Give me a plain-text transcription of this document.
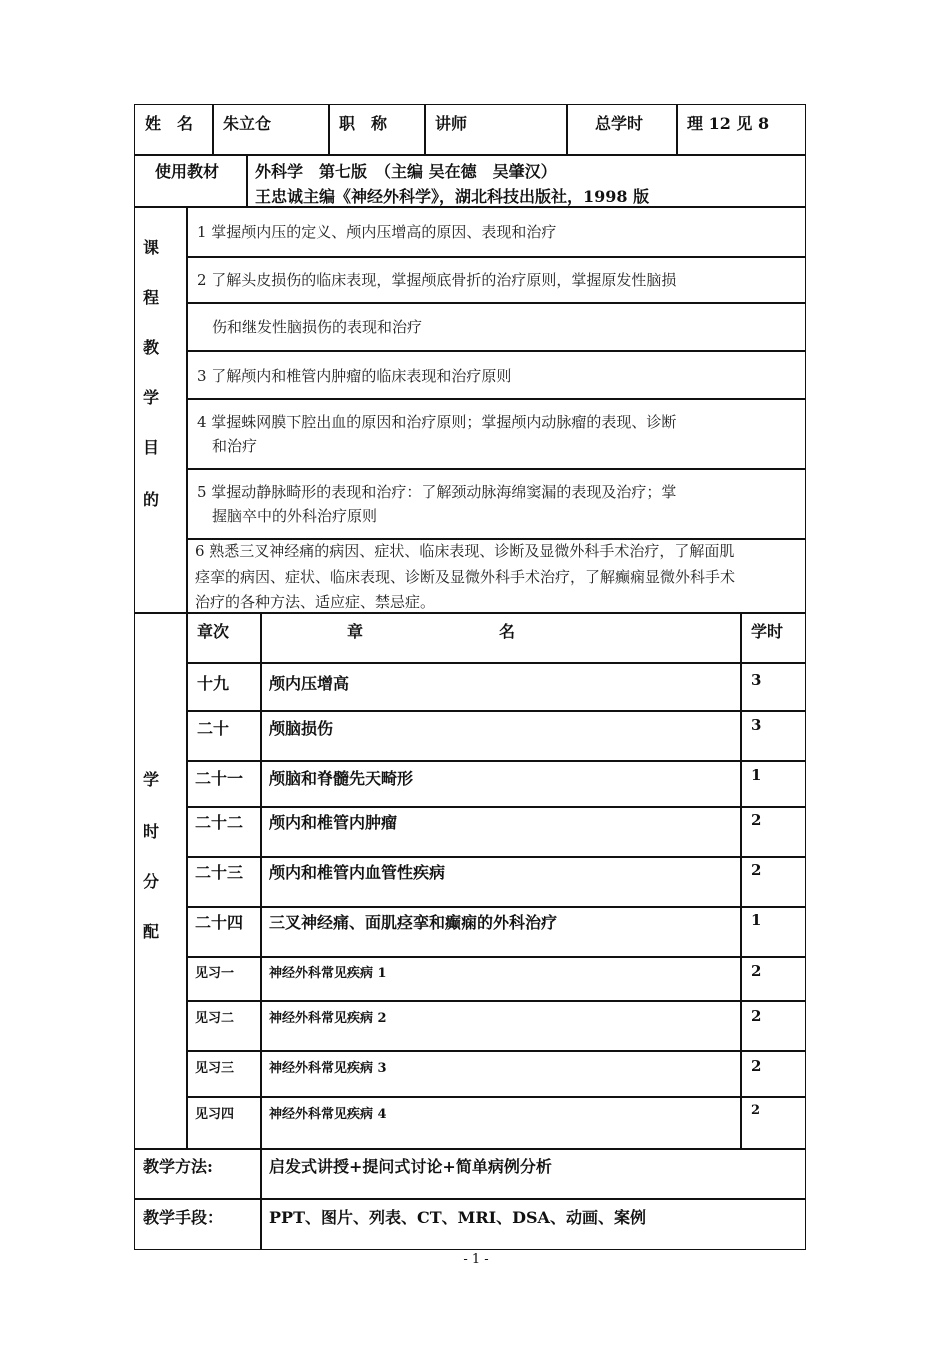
姓　名 朱立仓	职　称	讲师	总学时	理 12 见 8
使用教材 外科学　第七版　（主编 吴在德　吴肇汉）
王忠诚主编《神经外科学》，湖北科技出版社，1998 版
课
程
教
学
目
的
1 掌握颅内压的定义、颅内压增高的原因、表现和治疗
2 了解头皮损伤的临床表现，掌握颅底骨折的治疗原则，掌握原发性脑损
　伤和继发性脑损伤的表现和治疗
3 了解颅内和椎管内肿瘤的临床表现和治疗原则
4 掌握蛛网膜下腔出血的原因和治疗原则；掌握颅内动脉瘤的表现、诊断
　和治疗
5 掌握动静脉畸形的表现和治疗：了解颈动脉海绵窦漏的表现及治疗；掌
　握脑卒中的外科治疗原则
6 熟悉三叉神经痛的病因、症状、临床表现、诊断及显微外科手术治疗，了解面肌
痉挛的病因、症状、临床表现、诊断及显微外科手术治疗，了解癫痫显微外科手术
治疗的各种方法、适应症、禁忌症。
学
时
分
配
章次	章	名	学时
十九 颅内压增高	3
二十 颅脑损伤	3
二十一 颅脑和脊髓先天畸形	1
二十二 颅内和椎管内肿瘤	2
二十三 颅内和椎管内血管性疾病	2
二十四 三叉神经痛、面肌痉挛和癫痫的外科治疗	1
见习一	神经外科常见疾病 1	2
见习二	神经外科常见疾病 2	2
见习三	神经外科常见疾病 3	2
见习四	神经外科常见疾病 4	2
教学方法:	启发式讲授+提问式讨论+简单病例分析
教学手段：	PPT、图片、列表、CT、MRI、DSA、动画、案例
- 1 -
